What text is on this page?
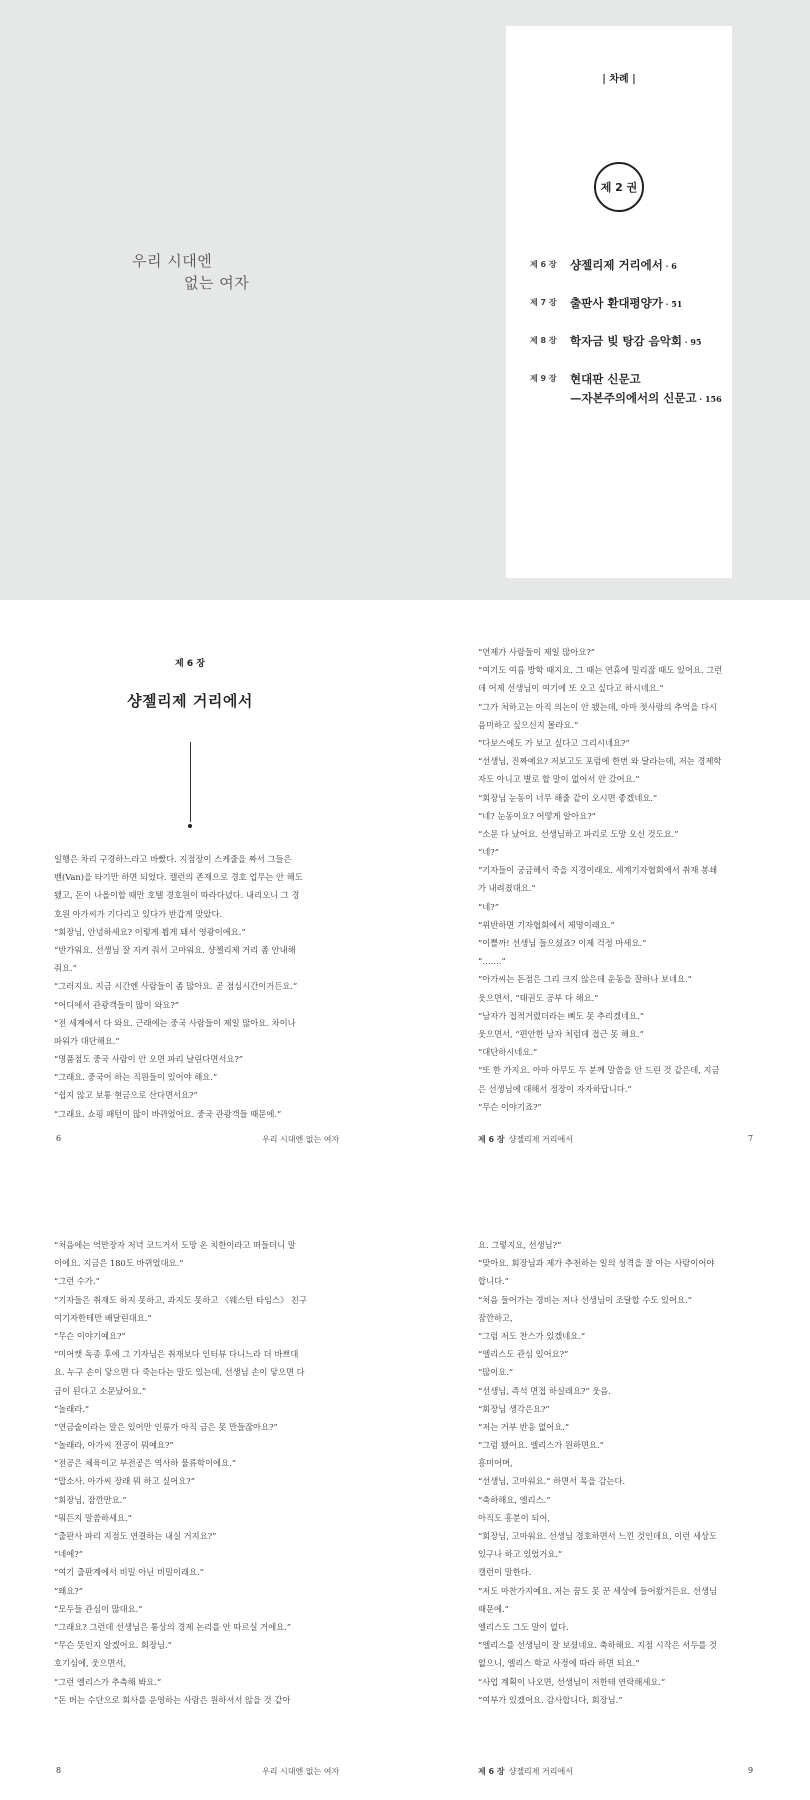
우리 시대엔
없는 여자
| 차례 |
제 2 권
제 6 장 샹젤리제 거리에서 · 6
제 7 장 출판사 환대평양가 · 51
제 8 장 학자금 빚 탕감 음악회 · 95
제 9 장 현대판 신문고
—자본주의에서의 신문고 · 156
제 6 장
샹젤리제 거리에서
일행은 차리 구경하느라고 바빴다. 지점장이 스케줄을 짜서 그들은
밴(Van)을 타기만 하면 되었다. 캘런의 존재으로 경호 업무는 안 해도
됐고, 돈이 나올이할 때만 호텔 경호원이 따라다녔다. 내리오니 그 경
호원 아가씨가 기다리고 있다가 반갑게 맞았다.
“회장님, 안녕하세요? 이렇게 뵙게 돼서 영광이에요.”
“반가워요. 선생님 잘 지켜 줘서 고마워요. 샹젤리제 거리 좀 안내해
줘요.”
“그러지요. 지금 시간엔 사람들이 좀 많아요. 곧 점심시간이거든요.”
“어디에서 관광객들이 많이 와요?”
“전 세계에서 다 와요. 근래에는 중국 사람들이 제일 많아요. 차이나
파워가 대단해요.”
“명품점도 중국 사람이 안 오면 파리 날린다면서요?”
“그래요. 중국어 하는 직원들이 있어야 해요.”
“쉽지 않고 보통 현금으로 산다면서요?”
“그래요. 쇼핑 패턴이 많이 바뀌었어요. 중국 관광객들 때문에.”
6	우리 시대엔 없는 여자
“언제가 사람들이 제일 많아요?”
“여기도 여름 방학 때지요. 그 때는 연휴에 밀리잖 때도 있어요. 그런
데 어제 선생님이 여기에 또 오고 싶다고 하시네요.”
“그가 처하고는 아직 의논이 안 됐는데, 아마 젓사랑의 추억을 다시
음미하고 싶으신지 몰라요.”
“다보스에도 가 보고 싶다고 그리시네요?”
“선생님, 진짜예요? 저보고도 포럼에 한번 와 달라는데, 저는 경제학
자도 아니고 별로 할 말이 없어서 안 갔어요.”
“회장님 눈동이 너무 해줄 같이 오시면 좋겠네요.”
“네? 눈동이요? 어떻게 알아요?”
“소문 다 났어요. 선생님하고 파리로 도망 오신 것도요.”
“네?”
“기자들이 궁금해서 죽을 지경이래요. 세계기자협회에서 취재 봉쇄
가 내려졌대요.”
“네?”
“위반하면 기자협회에서 제명이래요.”
“이쁠까! 선생님 들으셨죠? 이제 걱정 마세요.”
“…….”
“아가씨는 돈점은 그리 크지 않은데 운동을 잘하나 보네요.”
웃으면서, “태권도 공부 다 해요.”
“남자가 접적거렸더라는 뼈도 못 추리겠네요.”
웃으면서, “편안한 남자 처럼데 접근 못 해요.”
“대단하시네요.”
“또 한 가지요. 아마 아무도 두 분께 말씀을 안 드린 것 같은데, 지금
은 선생님에 대해서 정장이 자자하답니다.”
“무슨 이야기죠?”
제 6 장 샹젤리제 거리에서	7
“처음에는 억만장자 저녁 코드거서 도망 온 치한이라고 떠들더니 말
이에요. 지금은 180도 바뀌었대요.”
“그런 수가.”
“기자들은 취재도 하지 못하고, 과지도 못하고 《웨스턴 타임스》 친구
여기자한테만 배달린대요.”
“무슨 이야기예요?”
“미어캣 독종 후에 그 기자님은 취재보다 인터뷰 다니느라 더 바쁘대
요. 누구 손이 닿으면 다 죽는다는 말도 있는데, 선생님 손이 닿으면 다
금이 된다고 소문났어요.”
“놀래라.”
“연금술이라는 말은 있어만 인류가 아직 금은 못 만들잖아요?”
“놀래라, 아가씨 전공이 뭐예요?”
“전공은 체육이고 부전공은 역사하 물류학이에요.”
“맙소사. 아가씨 장래 뭐 하고 싶어요?”
“회장님, 잠깐만요.”
“뭐든지 말씀하세요.”
“출판사 파리 지점도 연결하는 내실 거지요?”
“네에?”
“여기 출판계에서 비밀 아닌 비밀이래요.”
“왜요?”
“모두들 관심이 많대요.”
“그래요? 그런데 선생님은 통상의 경제 논리를 안 따르실 거에요.”
“무슨 뜻인지 알겠어요. 회장님.”
호기심에, 웃으면서,
“그런 엘리스가 추측해 봐요.”
“돈 버는 수단으로 회사를 운영하는 사람은 원하셔서 않을 것 같아
8	우리 시대엔 없는 여자
요. 그렇지요, 선생님?”
“맞아요. 회장님과 제가 추천하는 일의 성격을 잘 아는 사람이어야
합니다.”
“처음 들어가는 경비는 저나 선생님이 조달할 수도 있어요.”
잠깐하고,
“그럼 저도 찬스가 있겠네요.”
“엘리스도 관심 있어요?”
“많이요.”
“선생님, 즉석 면접 하실래요?” 웃음.
“회장님 생각은요?”
“저는 거부 반응 없어요.”
“그럼 됐어요. 엘리스가 원하면요.”
흥미어며,
“선생님, 고마워요.” 하면서 목을 감는다.
“축하해요, 엘리스.”
아직도 흥분이 되어,
“회장님, 고마워요. 선생님 경호하면서 느낀 것인데요, 이런 세상도
있구나 하고 있었거요.”
캘런이 말한다.
“저도 마찬가지예요. 저는 꿈도 못 꾼 세상에 들어왔거든요. 선생님
때문에.”
엘리스도 그도 말이 없다.
“엘리스를 선생님이 잘 보셨네요. 축하해요. 지점 시작은 서두를 것
없으니, 엘리스 학교 사정에 따라 하면 되요.”
“사업 계획이 나오면, 선생님이 저한테 연락해세요.”
“여부가 있겠어요. 감사합니다, 회장님.”
제 6 장 샹젤리제 거리에서	9
